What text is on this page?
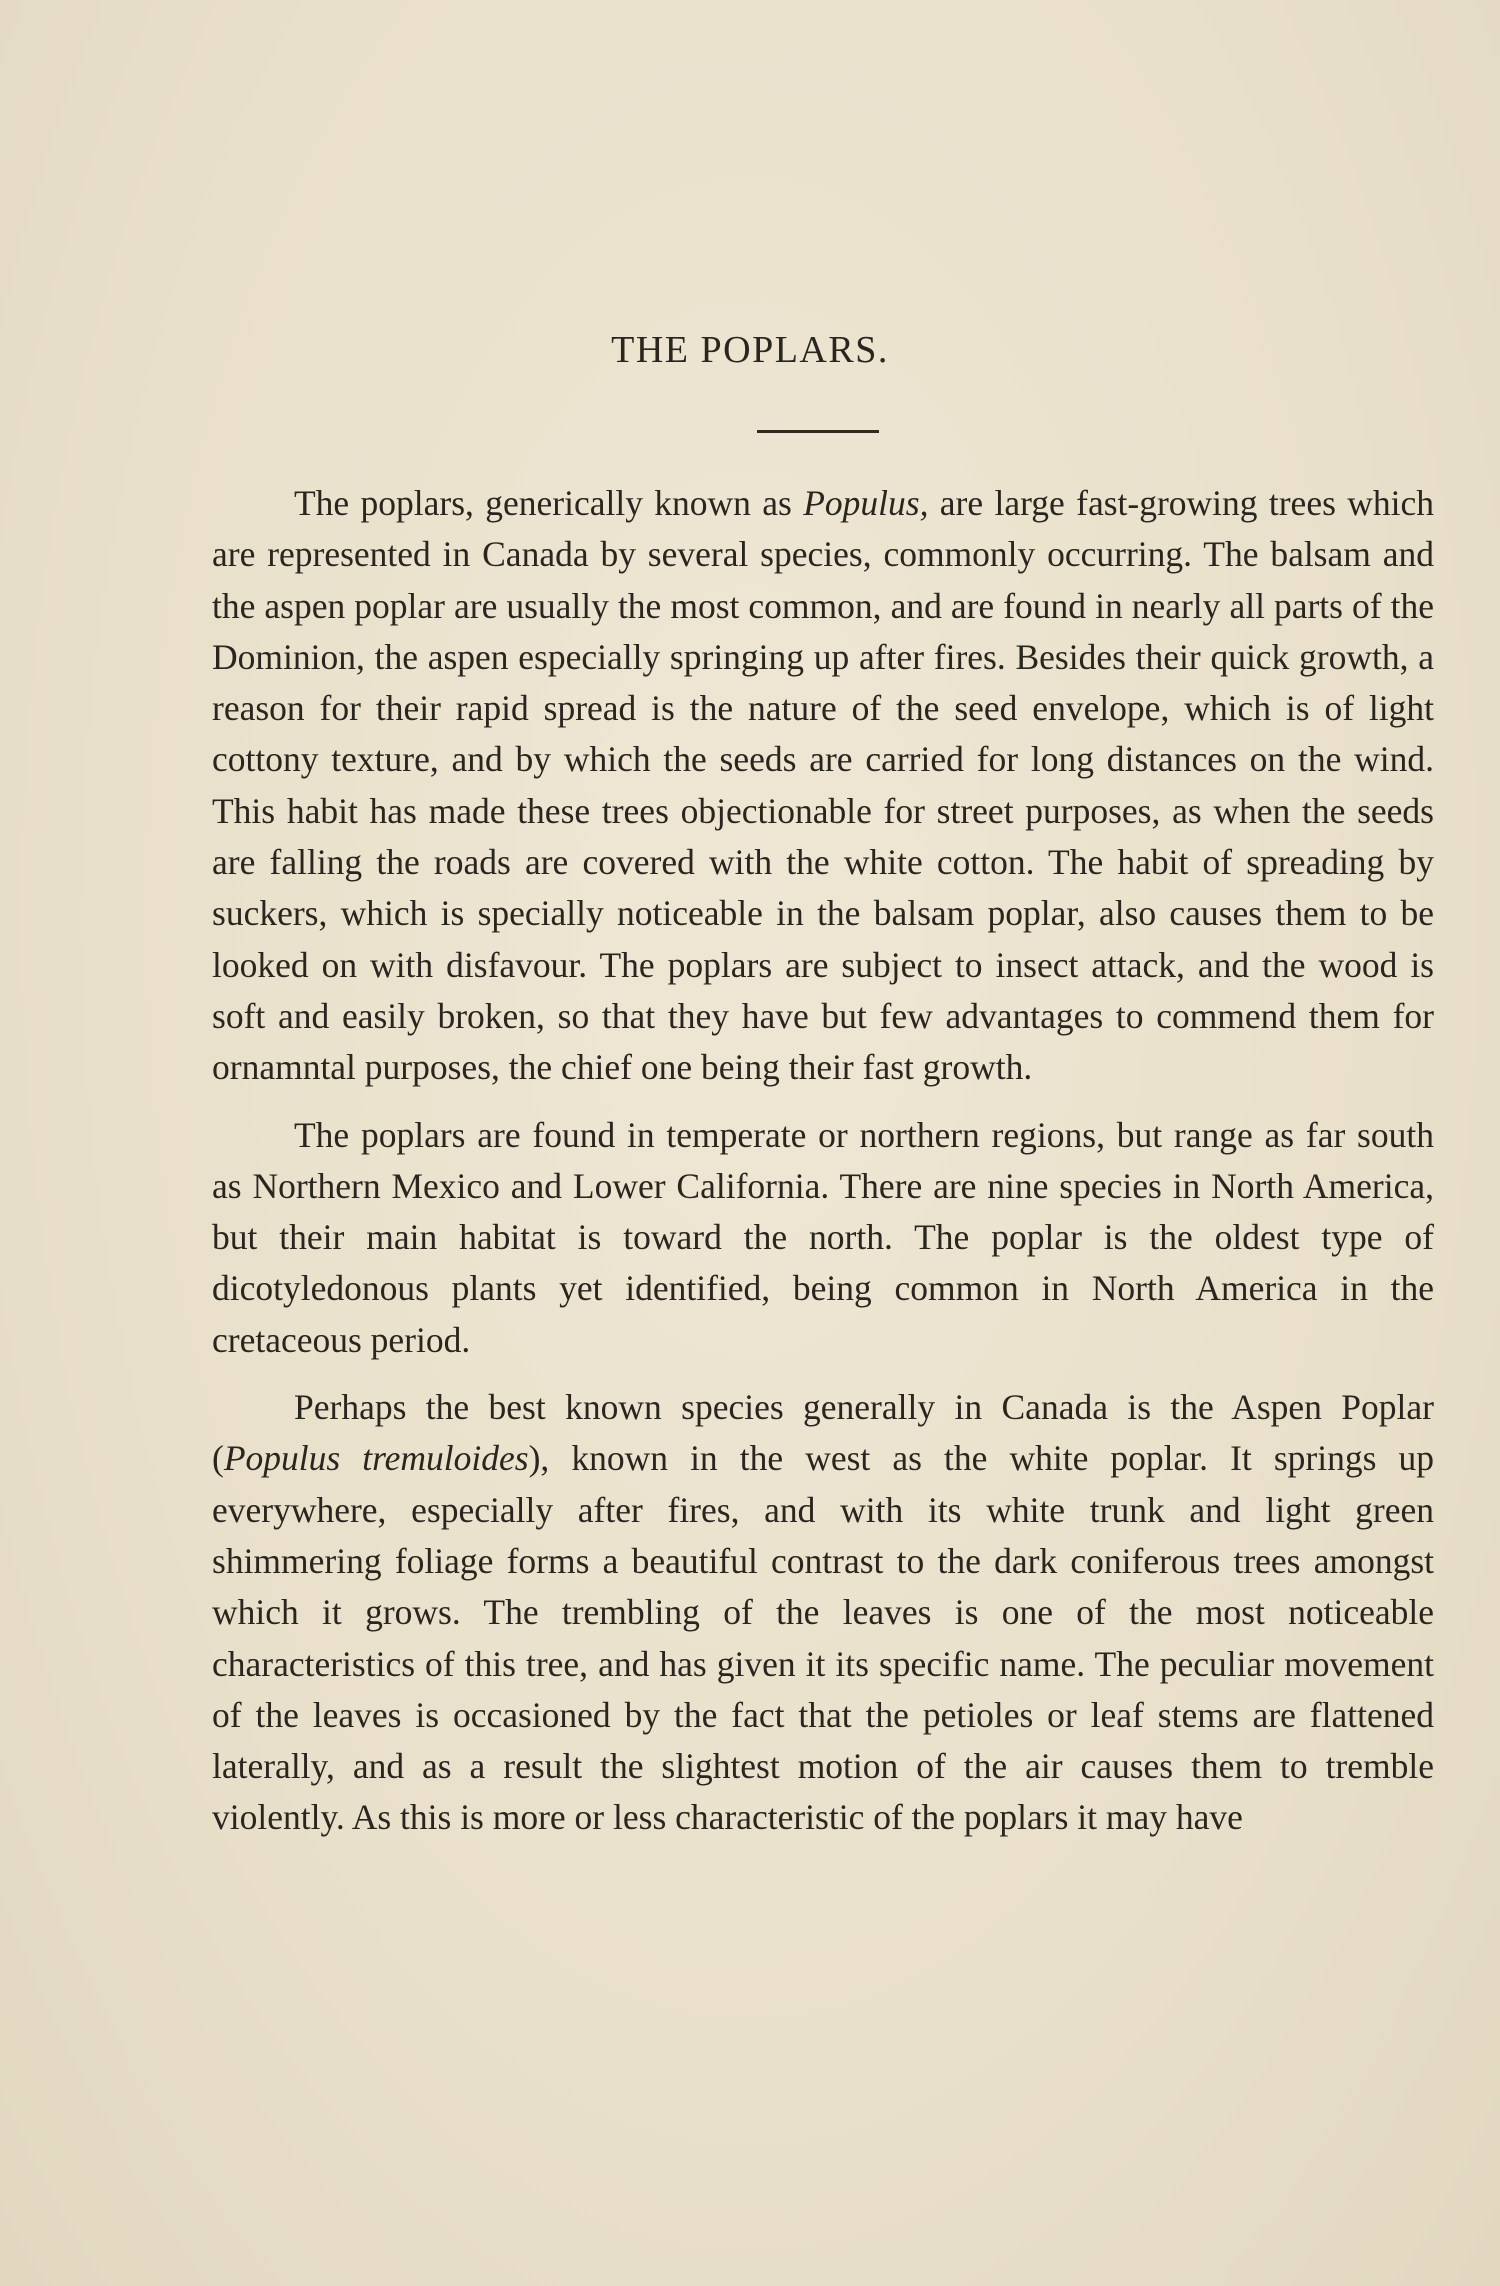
THE POPLARS.

The poplars, generically known as Populus, are large fast-growing trees which are represented in Canada by several species, commonly occurring. The balsam and the aspen poplar are usually the most common, and are found in nearly all parts of the Dominion, the aspen especially springing up after fires. Besides their quick growth, a reason for their rapid spread is the nature of the seed envelope, which is of light cottony texture, and by which the seeds are carried for long distances on the wind. This habit has made these trees objectionable for street purposes, as when the seeds are falling the roads are covered with the white cotton. The habit of spreading by suckers, which is specially noticeable in the balsam poplar, also causes them to be looked on with disfavour. The poplars are subject to insect attack, and the wood is soft and easily broken, so that they have but few advantages to commend them for ornamntal purposes, the chief one being their fast growth.

The poplars are found in temperate or northern regions, but range as far south as Northern Mexico and Lower California. There are nine species in North America, but their main habitat is toward the north. The poplar is the oldest type of dicotyledonous plants yet identified, being common in North America in the cretaceous period.

Perhaps the best known species generally in Canada is the Aspen Poplar (Populus tremuloides), known in the west as the white poplar. It springs up everywhere, especially after fires, and with its white trunk and light green shimmering foliage forms a beautiful contrast to the dark coniferous trees amongst which it grows. The trembling of the leaves is one of the most noticeable characteristics of this tree, and has given it its specific name. The peculiar movement of the leaves is occasioned by the fact that the petioles or leaf stems are flattened laterally, and as a result the slightest motion of the air causes them to tremble violently. As this is more or less characteristic of the poplars it may have
